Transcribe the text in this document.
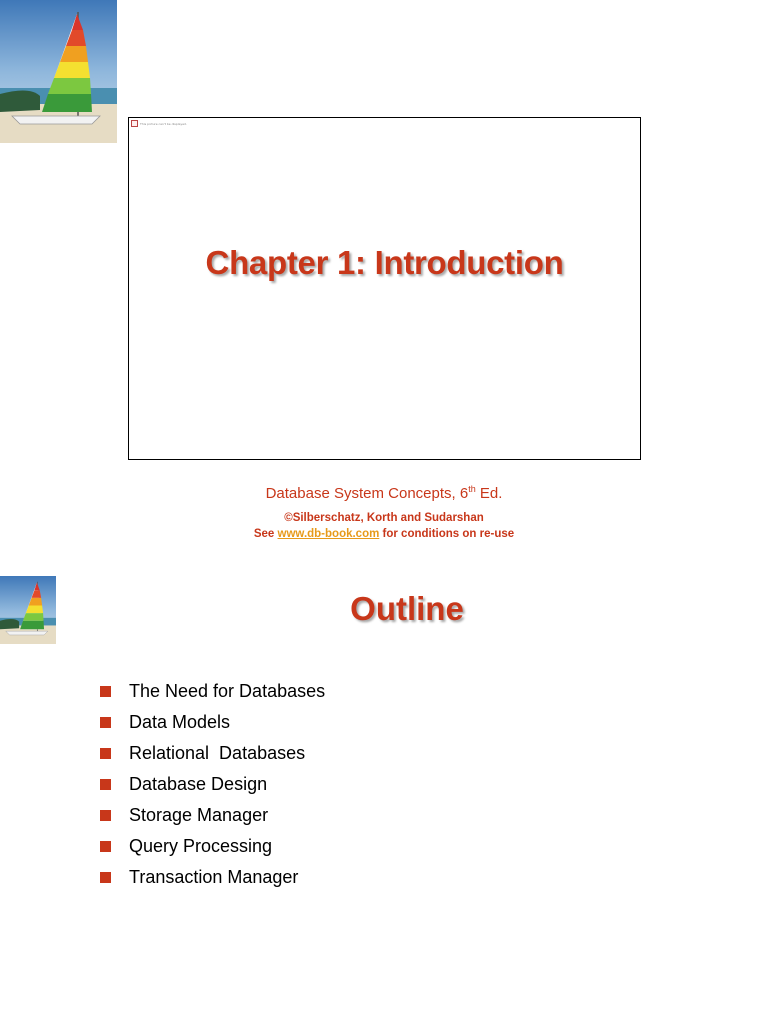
This picture can't be displayed.
Chapter 1: Introduction
Database System Concepts, 6th Ed.
©Silberschatz, Korth and Sudarshan
See www.db-book.com for conditions on re-use
Outline
The Need for Databases
Data Models
Relational  Databases
Database Design
Storage Manager
Query Processing
Transaction Manager
